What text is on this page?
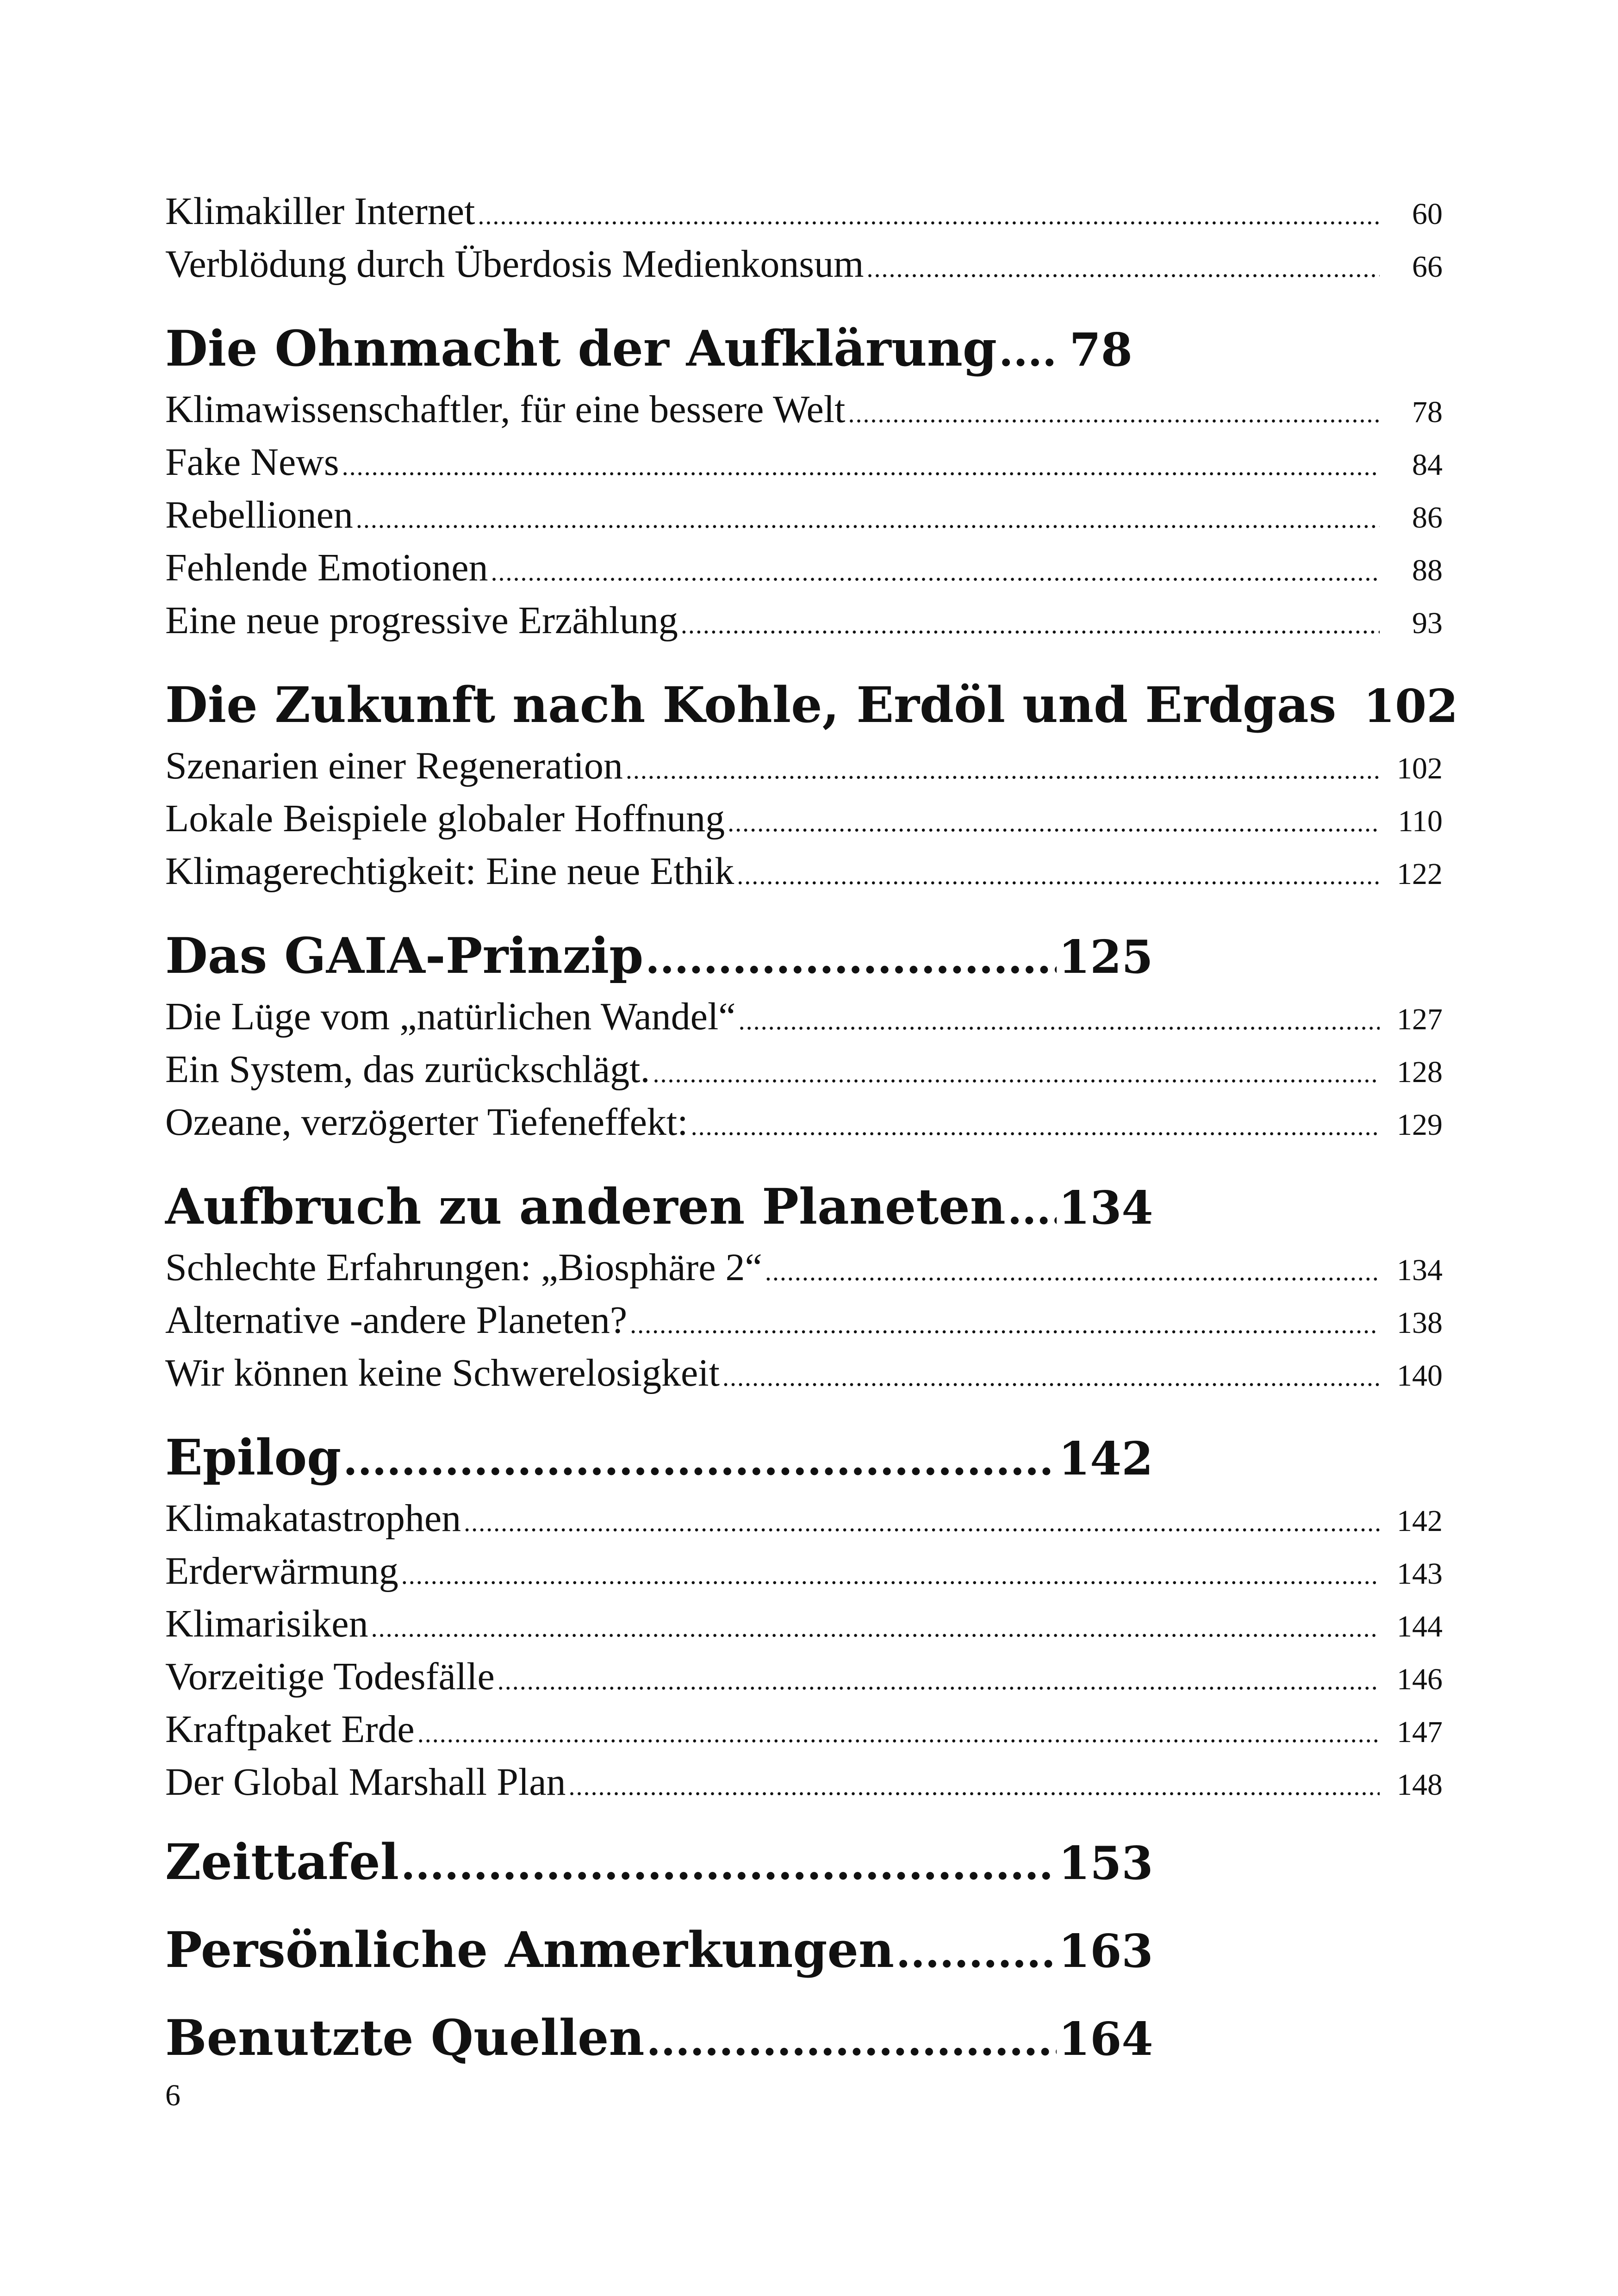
Klimakiller Internet .....	60
Verblödung durch Überdosis Medienkonsum .....	66
Die Ohnmacht der Aufklärung ..... 78
Klimawissenschaftler, für eine bessere Welt .....	78
Fake News .....	84
Rebellionen .....	86
Fehlende Emotionen .....	88
Eine neue progressive Erzählung .....	93
Die Zukunft nach Kohle, Erdöl und Erdgas 102
Szenarien einer Regeneration .....	102
Lokale Beispiele globaler Hoffnung .....	110
Klimagerechtigkeit: Eine neue Ethik .....	122
Das GAIA-Prinzip .....	125
Die Lüge vom „natürlichen Wandel“ .....	127
Ein System, das zurückschlägt. .....	128
Ozeane, verzögerter Tiefeneffekt: .....	129
Aufbruch zu anderen Planeten ..... 134
Schlechte Erfahrungen: „Biosphäre 2“ .....	134
Alternative -andere Planeten? .....	138
Wir können keine Schwerelosigkeit .....	140
Epilog .....	142
Klimakatastrophen .....	142
Erderwärmung .....	143
Klimarisiken .....	144
Vorzeitige Todesfälle .....	146
Kraftpaket Erde .....	147
Der Global Marshall Plan .....	148
Zeittafel .....	153
Persönliche Anmerkungen .....	163
Benutzte Quellen .....	164
6
